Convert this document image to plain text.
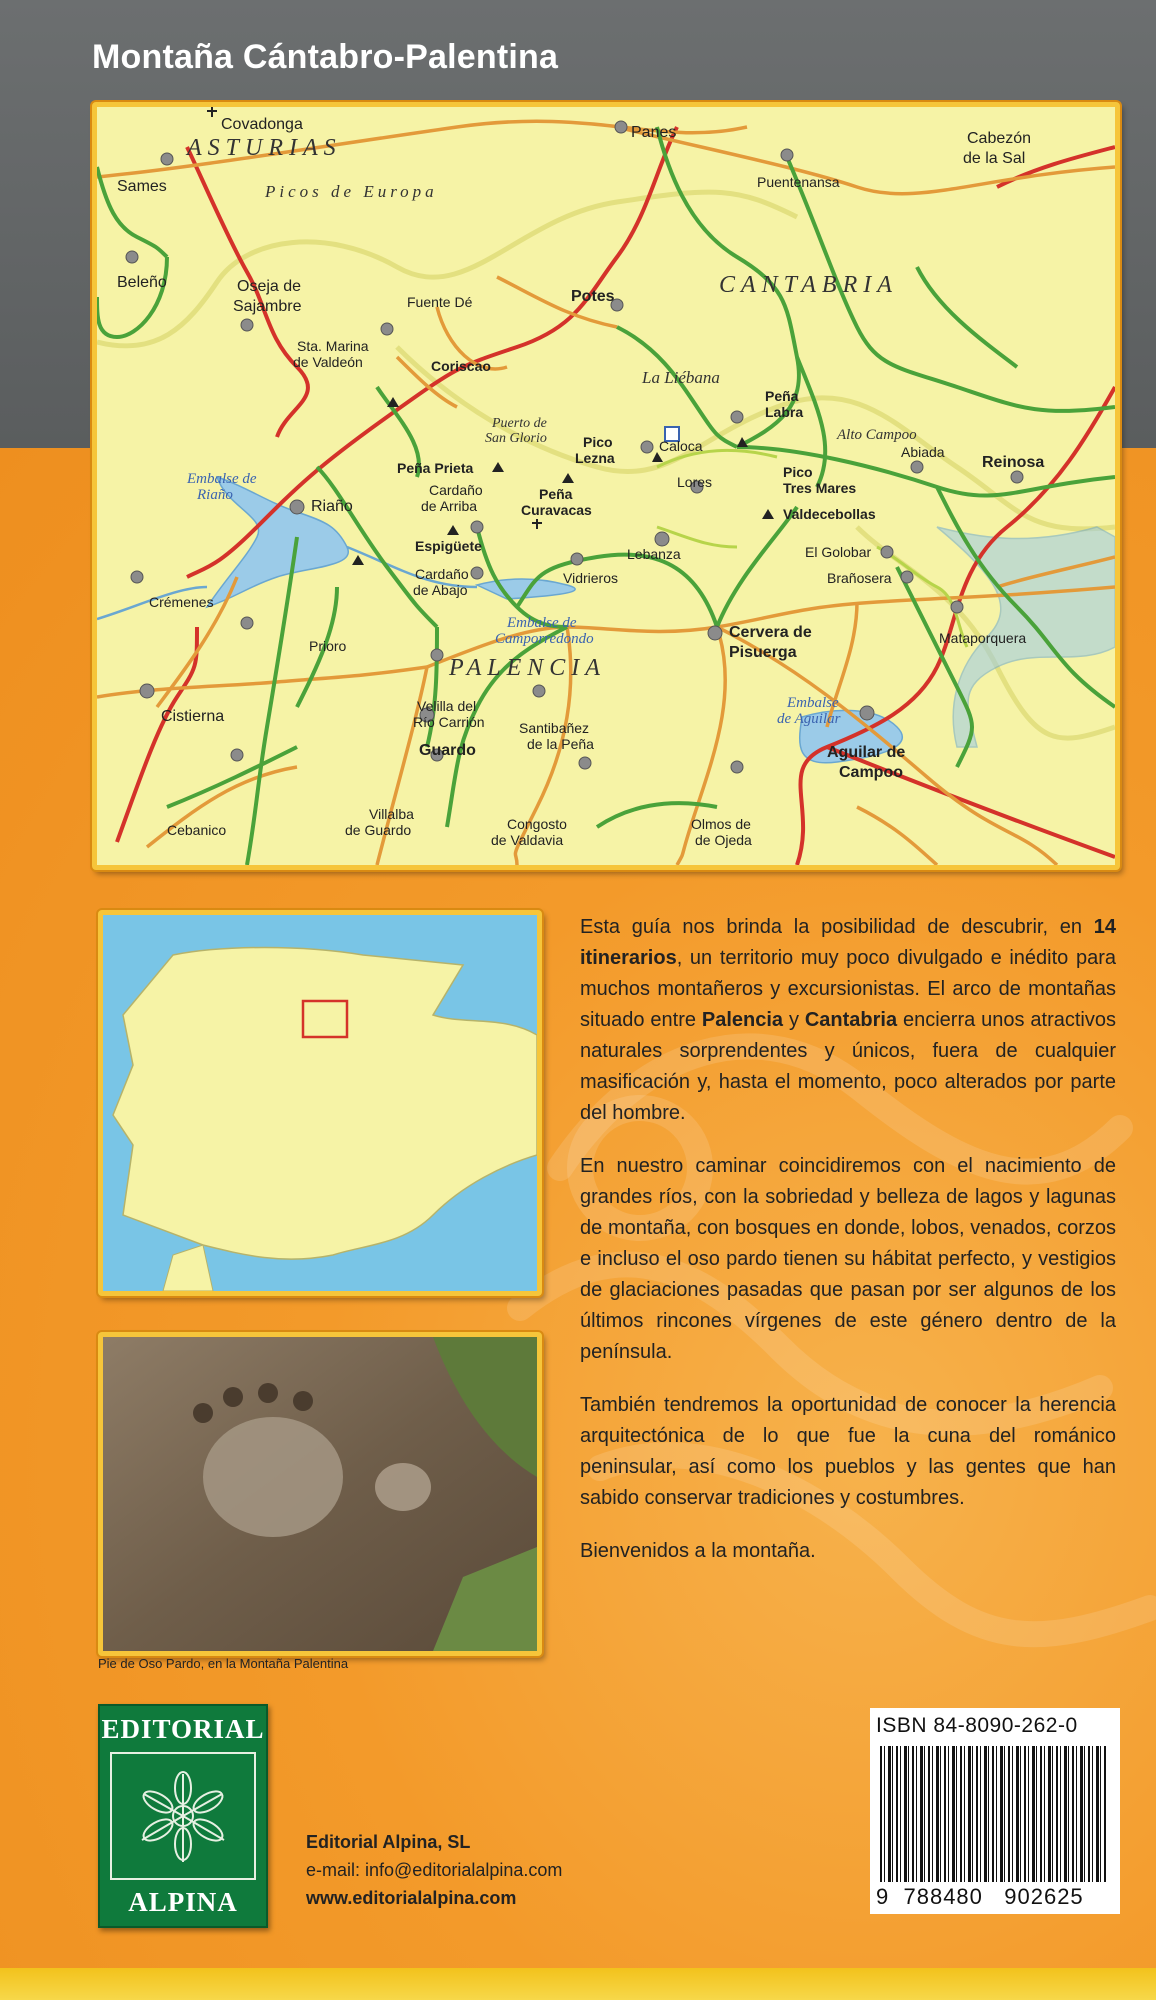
Montaña Cántabro-Palentina
ASTURIAS
CANTABRIA
PALENCIA
Picos de Europa
La Liébana
Embalse de Riaño
Embalse de Camporredondo
Embalse de Aguilar
Covadonga	Panes	Cabezón de la Sal
Sames	Puentenansa
Beleño	Oseja de Sajambre	Fuente Dé	Potes
Sta. Marina de Valdeón	Coriscao
Puerto de San Glorio
Peña Labra
Alto Campoo
Peña Prieta
Pico Lezna
Caloca	Abiada
Reinosa
Riaño
Cardaño de Arriba
Peña Curavacas
Lores
Pico Tres Mares
Valdecebollas
Espigüete	Lebanza	El Golobar
Brañosera
Crémenes
Cardaño de Abajo
Vidrieros
Prioro
Cervera de Pisuerga
Mataporquera
Velilla del Río Carrión
Cistierna
Santibañez de la Peña
Guardo	Aguilar de Campoo
Cebanico
Villalba de Guardo	Congosto de Valdavia
Olmos de de Ojeda
Pie de Oso Pardo, en la Montaña Palentina

Esta guía nos brinda la posibilidad de descubrir, en 14 itinerarios, un territorio muy poco divulgado e inédito para muchos montañeros y excursionistas. El arco de montañas situado entre Palencia y Cantabria encierra unos atractivos naturales sorprendentes y únicos, fuera de cualquier masificación y, hasta el momento, poco alterados por parte del hombre.

En nuestro caminar coincidiremos con el nacimiento de grandes ríos, con la sobriedad y belleza de lagos y lagunas de montaña, con bosques en donde, lobos, venados, corzos e incluso el oso pardo tienen su hábitat perfecto, y vestigios de glaciaciones pasadas que pasan por ser algunos de los últimos rincones vírgenes de este género dentro de la península.

También tendremos la oportunidad de conocer la herencia arquitectónica de lo que fue la cuna del románico peninsular, así como los pueblos y las gentes que han sabido conservar tradiciones y costumbres.

Bienvenidos a la montaña.

EDITORIAL
ALPINA
Editorial Alpina, SL
e-mail: info@editorialalpina.com
www.editorialalpina.com
ISBN 84-8090-262-0
9 788480 902625
